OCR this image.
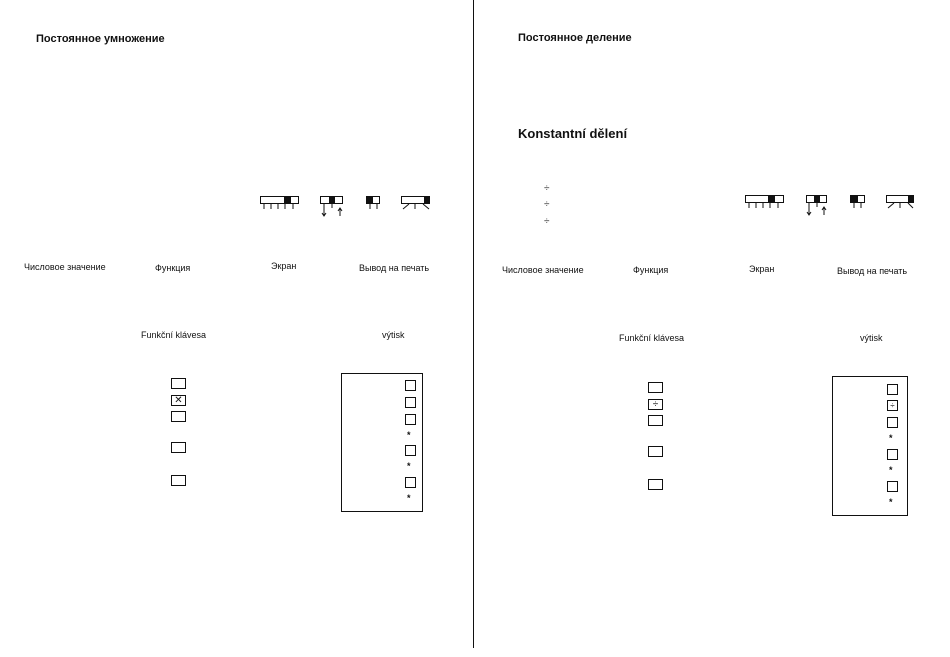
Постоянное умножение
Числовое значение	Функция	Экран	Вывод на печать
Funkční klávesa	výtisk
✕
*
*
*
Постоянное деление
Konstantní dělení
÷
÷
÷
Числовое значение	Функция	Экран	Вывод на печать
Funkční klávesa	výtisk
÷	÷
*
*
*
